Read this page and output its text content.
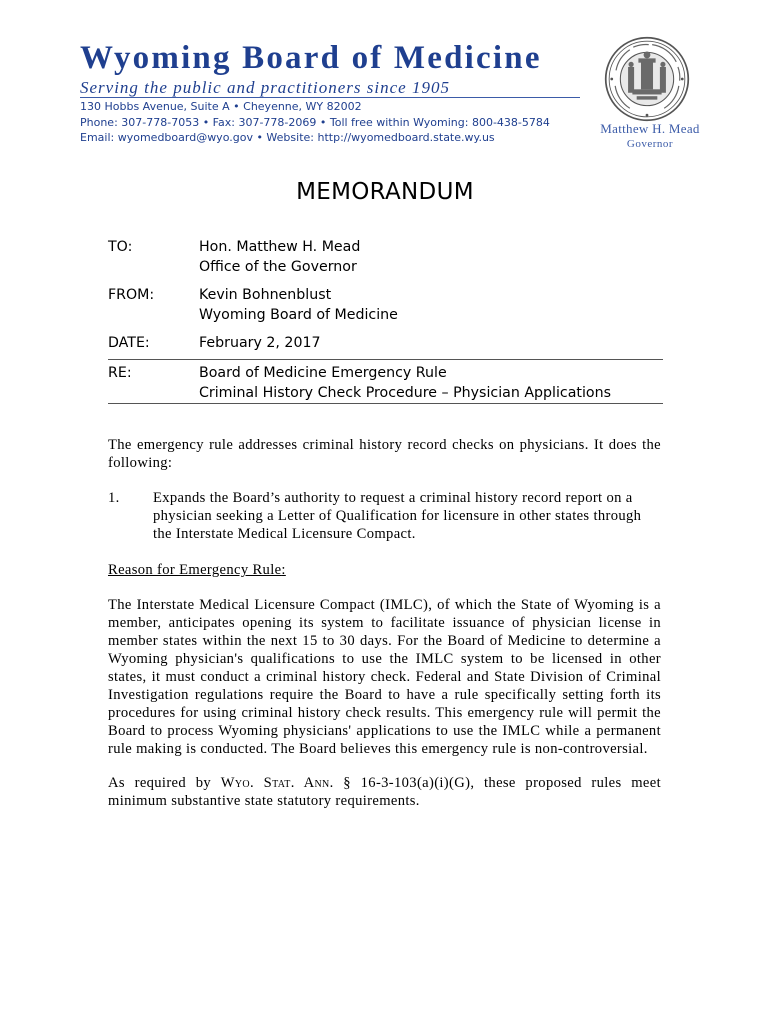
Wyoming Board of Medicine
Serving the public and practitioners since 1905
130 Hobbs Avenue, Suite A • Cheyenne, WY 82002
Phone: 307-778-7053 • Fax: 307-778-2069 • Toll free within Wyoming: 800-438-5784
Email: wyomedboard@wyo.gov • Website: http://wyomedboard.state.wy.us
Matthew H. Mead
Governor
MEMORANDUM
TO:	Hon. Matthew H. Mead
Office of the Governor
FROM:	Kevin Bohnenblust
Wyoming Board of Medicine
DATE:	February 2, 2017
RE:	Board of Medicine Emergency Rule
Criminal History Check Procedure – Physician Applications

The emergency rule addresses criminal history record checks on physicians. It does the following:

1.	Expands the Board’s authority to request a criminal history record report on a physician seeking a Letter of Qualification for licensure in other states through the Interstate Medical Licensure Compact.

Reason for Emergency Rule:

The Interstate Medical Licensure Compact (IMLC), of which the State of Wyoming is a member, anticipates opening its system to facilitate issuance of physician license in member states within the next 15 to 30 days. For the Board of Medicine to determine a Wyoming physician's qualifications to use the IMLC system to be licensed in other states, it must conduct a criminal history check. Federal and State Division of Criminal Investigation regulations require the Board to have a rule specifically setting forth its procedures for using criminal history check results. This emergency rule will permit the Board to process Wyoming physicians' applications to use the IMLC while a permanent rule making is conducted. The Board believes this emergency rule is non-controversial.

As required by Wyo. Stat. Ann. § 16-3-103(a)(i)(G), these proposed rules meet minimum substantive state statutory requirements.
